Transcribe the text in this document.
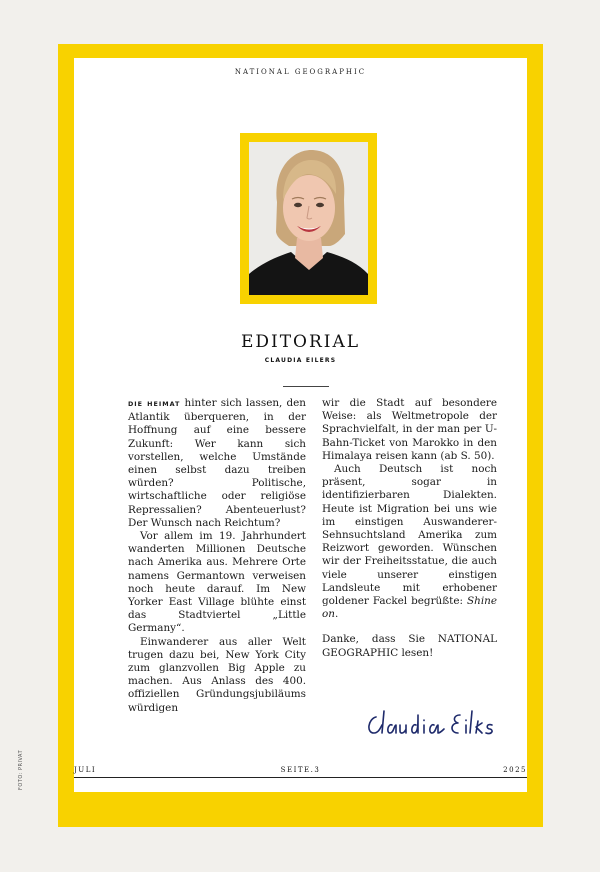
NATIONAL GEOGRAPHIC
EDITORIAL
CLAUDIA EILERS

DIE HEIMAT hinter sich lassen, den Atlantik überqueren, in der Hoffnung auf eine bessere Zukunft: Wer kann sich vorstellen, welche Umstände einen selbst dazu treiben würden? Politische, wirtschaftliche oder religiöse Repressalien? Abenteuerlust? Der Wunsch nach Reichtum?

Vor allem im 19. Jahrhundert wanderten Millionen Deutsche nach Amerika aus. Mehrere Orte namens Germantown verweisen noch heute darauf. Im New Yorker East Village blühte einst das Stadtviertel „Little Germany“.

Einwanderer aus aller Welt trugen dazu bei, New York City zum glanzvollen Big Apple zu machen. Aus Anlass des 400. offiziellen Gründungsjubiläums würdigen

wir die Stadt auf besondere Weise: als Weltmetropole der Sprachvielfalt, in der man per U-Bahn-Ticket von Marokko in den Himalaya reisen kann (ab S. 50).

Auch Deutsch ist noch präsent, sogar in identifizierbaren Dialekten. Heute ist Migration bei uns wie im einstigen Auswanderer-Sehnsuchtsland Amerika zum Reizwort geworden. Wünschen wir der Freiheitsstatue, die auch viele unserer einstigen Landsleute mit erhobener goldener Fackel begrüßte: Shine on.

Danke, dass Sie NATIONAL GEOGRAPHIC lesen!

JULI	SEITE.3	2025
FOTO: PRIVAT
